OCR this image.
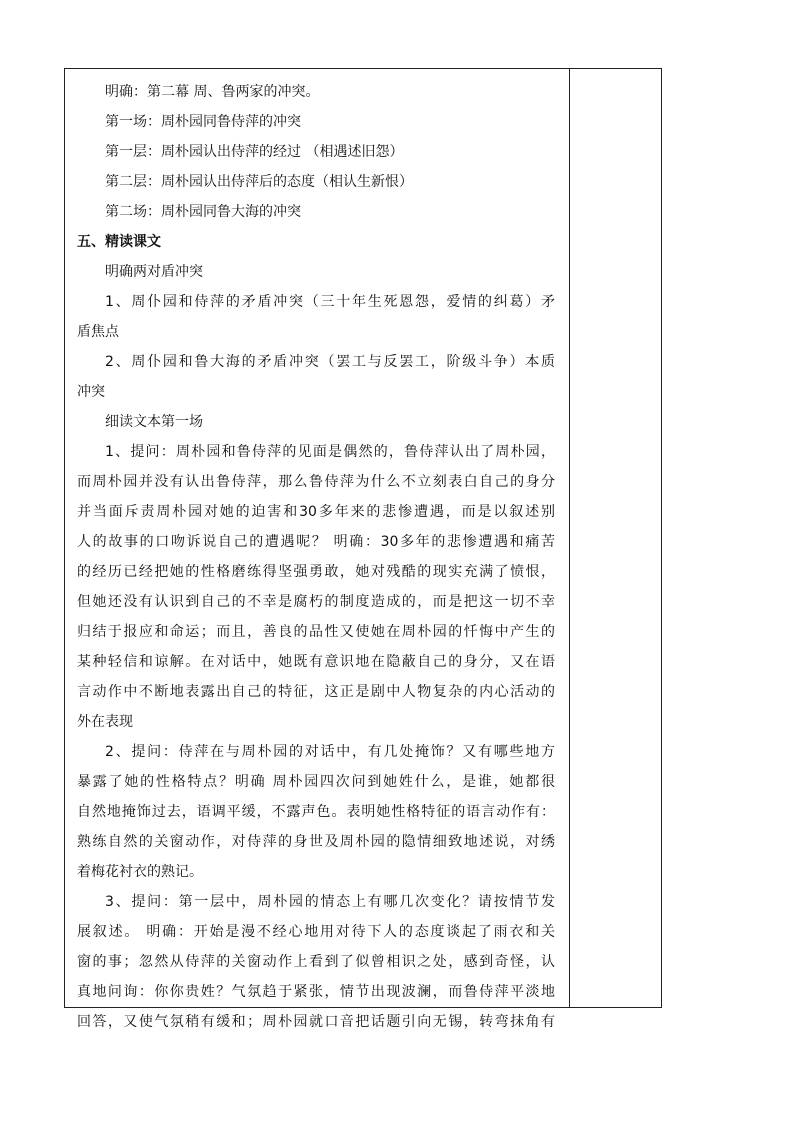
明确：第二幕 周、鲁两家的冲突。
第一场：周朴园同鲁侍萍的冲突
第一层：周朴园认出侍萍的经过 （相遇述旧怨）
第二层：周朴园认出侍萍后的态度（相认生新恨）
第二场：周朴园同鲁大海的冲突
五、精读课文
明确两对盾冲突
1、周仆园和侍萍的矛盾冲突（三十年生死恩怨，爱情的纠葛）矛
盾焦点
2、周仆园和鲁大海的矛盾冲突（罢工与反罢工，阶级斗争）本质
冲突
细读文本第一场
1、提问：周朴园和鲁侍萍的见面是偶然的，鲁侍萍认出了周朴园，
而周朴园并没有认出鲁侍萍，那么鲁侍萍为什么不立刻表白自己的身分
并当面斥责周朴园对她的迫害和30多年来的悲惨遭遇，而是以叙述别
人的故事的口吻诉说自己的遭遇呢？ 明确：30多年的悲惨遭遇和痛苦
的经历已经把她的性格磨练得坚强勇敢，她对残酷的现实充满了愤恨，
但她还没有认识到自己的不幸是腐朽的制度造成的，而是把这一切不幸
归结于报应和命运；而且，善良的品性又使她在周朴园的忏悔中产生的
某种轻信和谅解。在对话中，她既有意识地在隐蔽自己的身分，又在语
言动作中不断地表露出自己的特征，这正是剧中人物复杂的内心活动的
外在表现
2、提问：侍萍在与周朴园的对话中，有几处掩饰？又有哪些地方
暴露了她的性格特点？明确 周朴园四次问到她姓什么，是谁，她都很
自然地掩饰过去，语调平缓，不露声色。表明她性格特征的语言动作有：
熟练自然的关窗动作，对侍萍的身世及周朴园的隐情细致地述说，对绣
着梅花衬衣的熟记。
3、提问：第一层中，周朴园的情态上有哪几次变化？请按情节发
展叙述。 明确：开始是漫不经心地用对待下人的态度谈起了雨衣和关
窗的事；忽然从侍萍的关窗动作上看到了似曾相识之处，感到奇怪，认
真地问询：你你贵姓？气氛趋于紧张，情节出现波澜，而鲁侍萍平淡地
回答，又使气氛稍有缓和；周朴园就口音把话题引向无锡，转弯抹角有
